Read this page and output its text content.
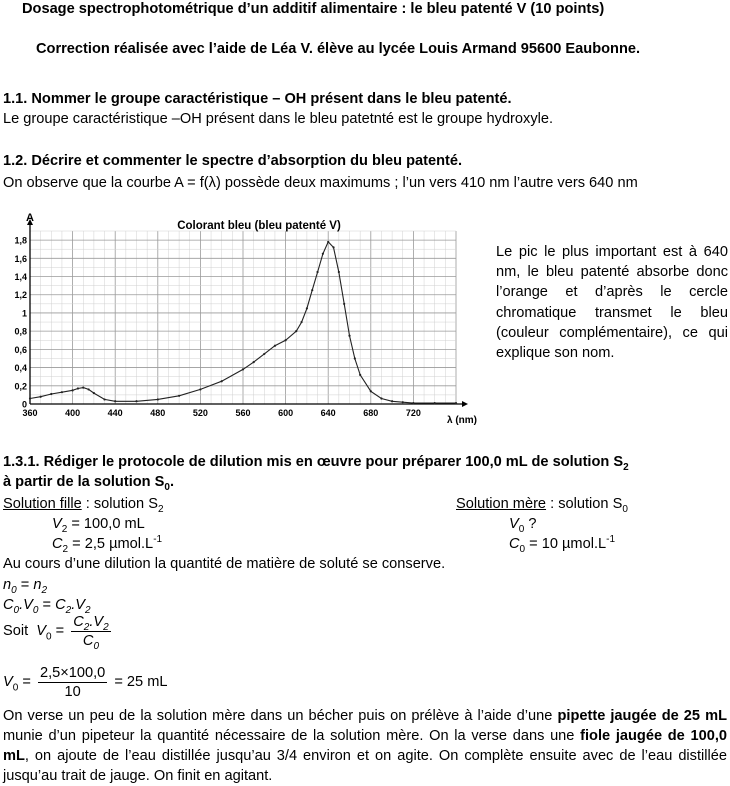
Dosage spectrophotométrique d’un additif alimentaire : le bleu patenté V (10 points)
Correction réalisée avec l’aide de Léa V. élève au lycée Louis Armand 95600 Eaubonne.
1.1. Nommer le groupe caractéristique – OH présent dans le bleu patenté.
Le groupe caractéristique –OH présent dans le bleu patetnté est le groupe hydroxyle.
1.2. Décrire et commenter le spectre d’absorption du bleu patenté.
On observe que la courbe A = f(λ) possède deux maximums ; l’un vers 410 nm l’autre vers 640 nm
0
0,2
0,4
0,6
0,8
1
1,2
1,4
1,6
1,8
360	400	440	480	520	560	600	640	680	720
Colorant bleu (bleu patenté V)
A
λ (nm)
Le pic le plus important est à 640 nm, le bleu patenté absorbe donc l’orange et d’après le cercle chromatique transmet le bleu (couleur complémentaire), ce qui explique son nom.
1.3.1. Rédiger le protocole de dilution mis en œuvre pour préparer 100,0 mL de solution $S_2$
à partir de la solution $S_0$.
Solution fille : solution $S_2$	Solution mère : solution $S_0$
$V_2 = 100,0$ mL	$V_0$ ?
$C_2 = 2,5$ $\mu mol.L^{-1}$	$C_0 = 10$ $\mu mol.L^{-1}$
Au cours d’une dilution la quantité de matière de soluté se conserve.
$n_0 = n_2$
$C_0.V_0 = C_2.V_2$
Soit $V_0 = \frac{C_2.V_2}{C_0}$
$V_0 = \frac{2,5\times 100,0}{10} = 25$ mL
On verse un peu de la solution mère dans un bécher puis on prélève à l’aide d’une pipette jaugée de 25 mL munie d’un pipeteur la quantité nécessaire de la solution mère. On la verse dans une fiole jaugée de 100,0 mL, on ajoute de l’eau distillée jusqu’au 3/4 environ et on agite. On complète ensuite avec de l’eau distillée jusqu’au trait de jauge. On finit en agitant.
